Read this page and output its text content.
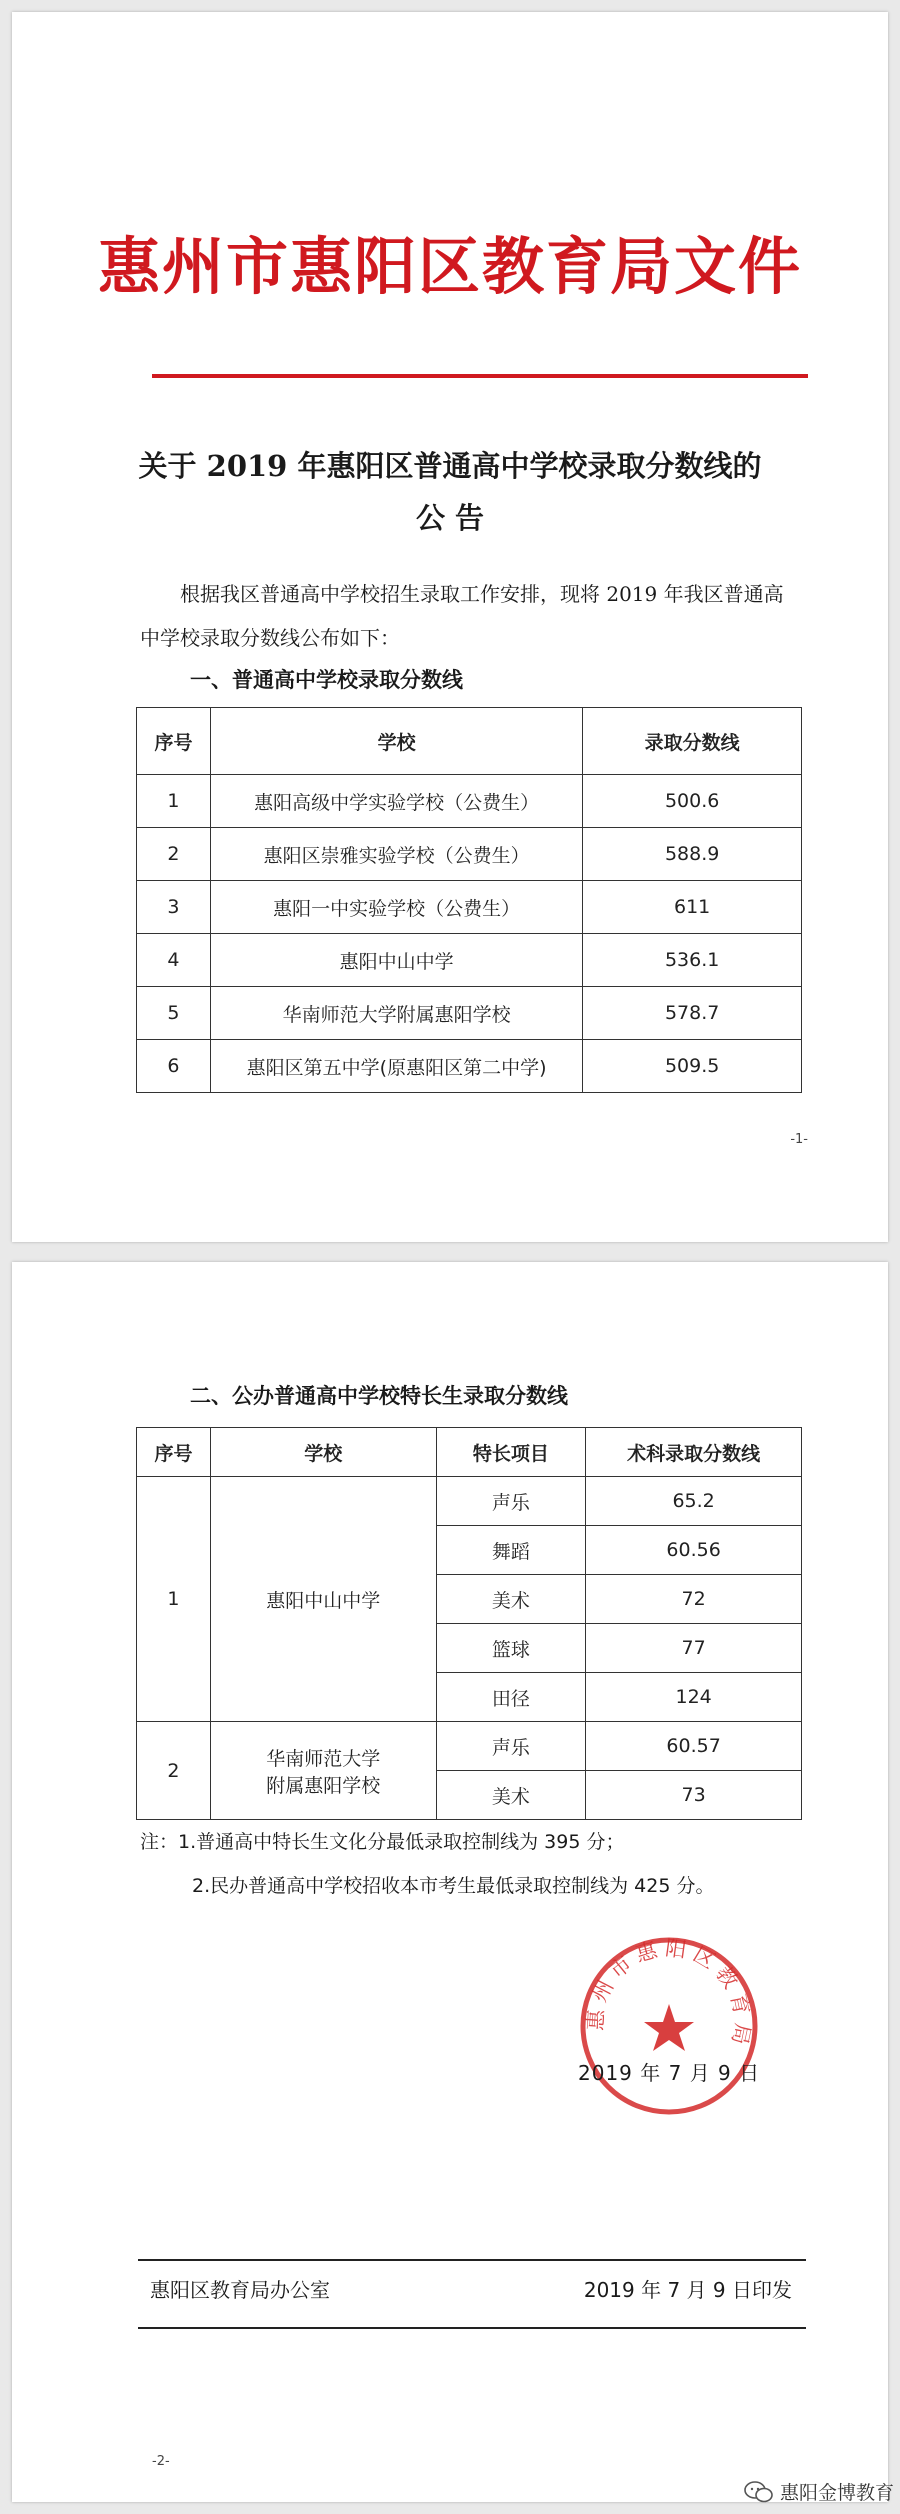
惠州市惠阳区教育局文件
关于 2019 年惠阳区普通高中学校录取分数线的
公 告
根据我区普通高中学校招生录取工作安排，现将 2019 年我区普通高中学校录取分数线公布如下：
一、普通高中学校录取分数线
序号	学校	录取分数线
1	惠阳高级中学实验学校（公费生）	500.6
2	惠阳区崇雅实验学校（公费生）	588.9
3	惠阳一中实验学校（公费生）	611
4	惠阳中山中学	536.1
5	华南师范大学附属惠阳学校	578.7
6	惠阳区第五中学(原惠阳区第二中学)	509.5
-1-
二、公办普通高中学校特长生录取分数线
序号	学校	特长项目	术科录取分数线
1	惠阳中山中学	声乐	65.2
		舞蹈	60.56
		美术	72
		篮球	77
		田径	124
2	华南师范大学
附属惠阳学校	声乐	60.57
		美术	73
注：1.普通高中特长生文化分最低录取控制线为 395 分；
2.民办普通高中学校招收本市考生最低录取控制线为 425 分。
惠州市惠阳区教育局
2019 年 7 月 9 日
惠阳区教育局办公室	2019 年 7 月 9 日印发
-2-
惠阳金博教育
